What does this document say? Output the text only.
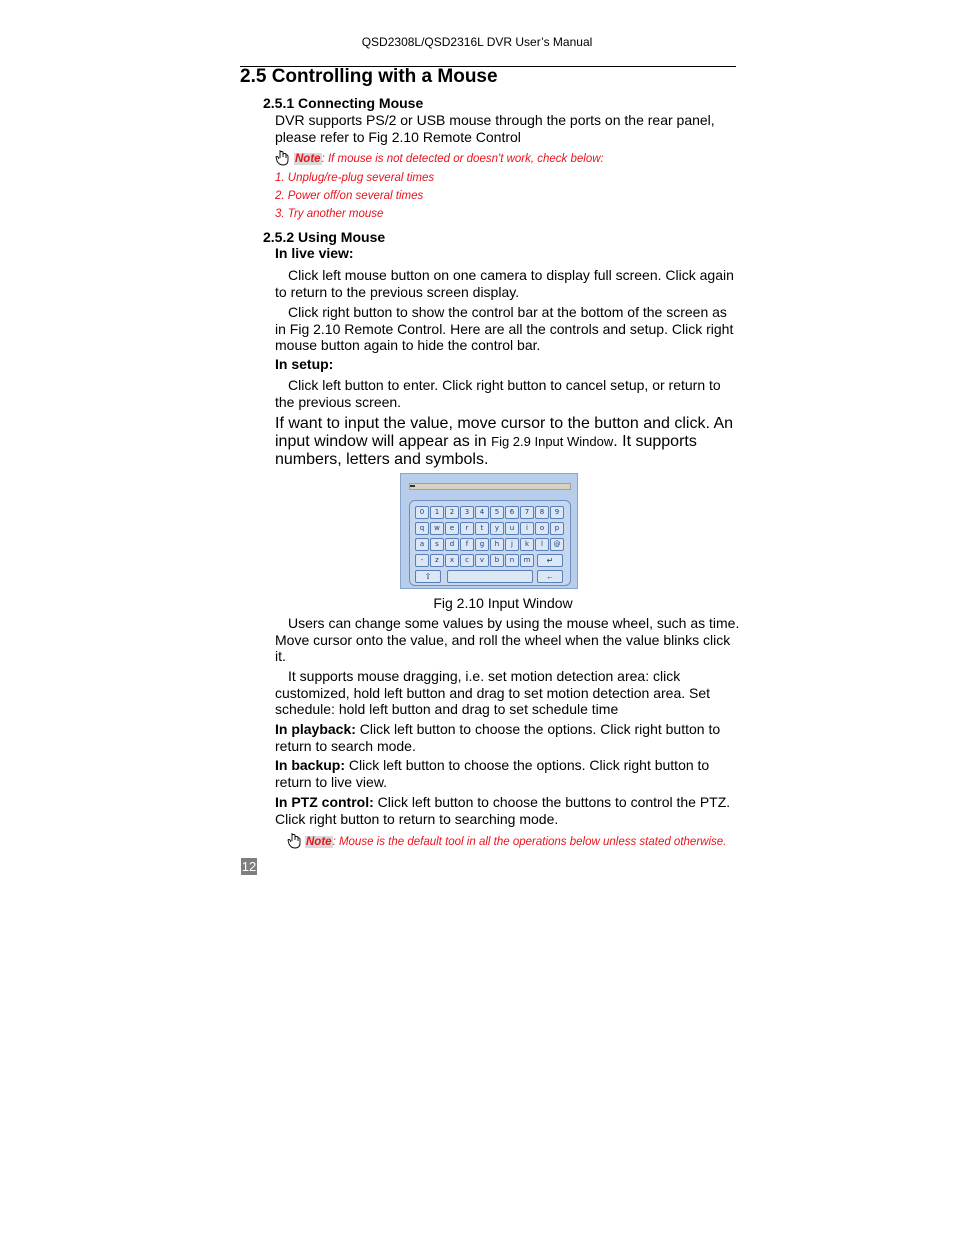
QSD2308L/QSD2316L DVR User’s Manual
2.5 Controlling with a Mouse
2.5.1 Connecting Mouse
DVR supports PS/2 or USB mouse through the ports on the rear panel, please refer to Fig 2.10 Remote Control
Note: If mouse is not detected or doesn't work, check below:
1. Unplug/re-plug several times
2. Power off/on several times
3. Try another mouse
2.5.2 Using Mouse
In live view:
Click left mouse button on one camera to display full screen. Click again to return to the previous screen display.
Click right button to show the control bar at the bottom of the screen as in Fig 2.10 Remote Control. Here are all the controls and setup. Click right mouse button again to hide the control bar.
In setup:
Click left button to enter. Click right button to cancel setup, or return to the previous screen.
If want to input the value, move cursor to the button and click. An input window will appear as in Fig 2.9 Input Window. It supports numbers, letters and symbols.
0	1	2	3	4	5	6	7	8	9
q	w	e	r	t	y	u	i	o	p
a	s	d	f	g	h	j	k	l	@
-	z	x	c	v	b	n	m
⇧	←
↵
Fig 2.10 Input Window
Users can change some values by using the mouse wheel, such as time. Move cursor onto the value, and roll the wheel when the value blinks click it.
It supports mouse dragging, i.e. set motion detection area: click customized, hold left button and drag to set motion detection area. Set schedule: hold left button and drag to set schedule time
In playback: Click left button to choose the options. Click right button to return to search mode.
In backup: Click left button to choose the options. Click right button to return to live view.
In PTZ control: Click left button to choose the buttons to control the PTZ. Click right button to return to searching mode.
Note: Mouse is the default tool in all the operations below unless stated otherwise.
12
